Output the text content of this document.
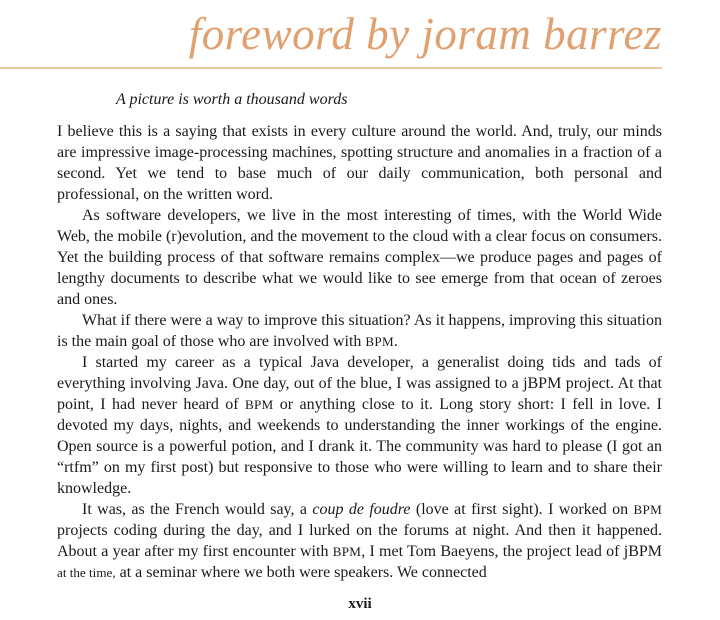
foreword by joram barrez

A picture is worth a thousand words

I believe this is a saying that exists in every culture around the world. And, truly, our minds are impressive image-processing machines, spotting structure and anomalies in a fraction of a second. Yet we tend to base much of our daily communication, both personal and professional, on the written word.

As software developers, we live in the most interesting of times, with the World Wide Web, the mobile (r)evolution, and the movement to the cloud with a clear focus on consumers. Yet the building process of that software remains complex—we produce pages and pages of lengthy documents to describe what we would like to see emerge from that ocean of zeroes and ones.

What if there were a way to improve this situation? As it happens, improving this situation is the main goal of those who are involved with BPM.

I started my career as a typical Java developer, a generalist doing tids and tads of everything involving Java. One day, out of the blue, I was assigned to a jBPM project. At that point, I had never heard of BPM or anything close to it. Long story short: I fell in love. I devoted my days, nights, and weekends to understanding the inner workings of the engine. Open source is a powerful potion, and I drank it. The community was hard to please (I got an “rtfm” on my first post) but responsive to those who were willing to learn and to share their knowledge.

It was, as the French would say, a coup de foudre (love at first sight). I worked on BPM projects coding during the day, and I lurked on the forums at night. And then it happened. About a year after my first encounter with BPM, I met Tom Baeyens, the project lead of jBPM at the time, at a seminar where we both were speakers. We connected

xvii
